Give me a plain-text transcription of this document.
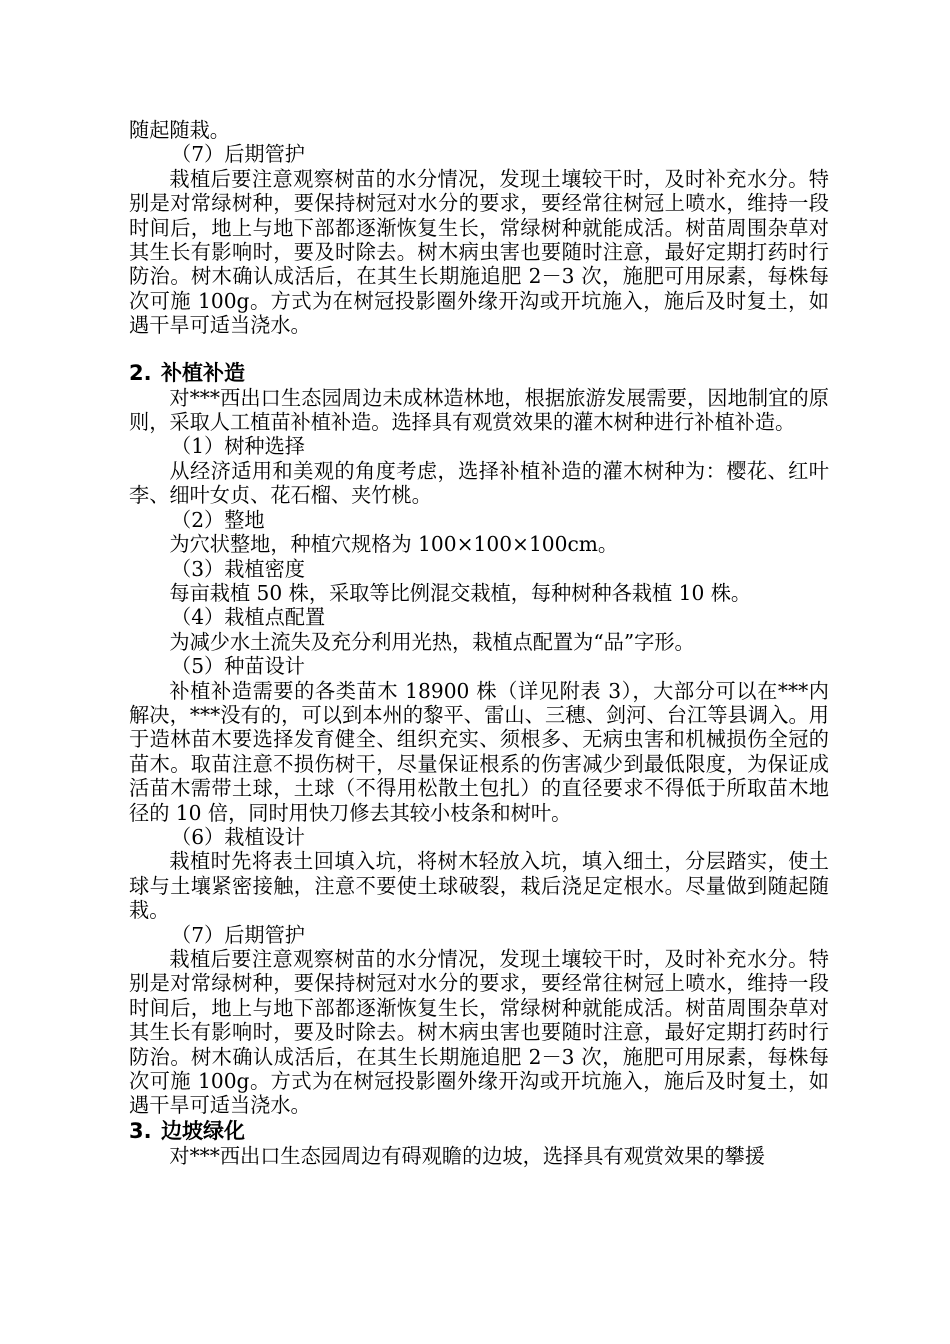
随起随栽。

（7）后期管护

栽植后要注意观察树苗的水分情况，发现土壤较干时，及时补充水分。特别是对常绿树种，要保持树冠对水分的要求，要经常往树冠上喷水，维持一段时间后，地上与地下部都逐渐恢复生长，常绿树种就能成活。树苗周围杂草对其生长有影响时，要及时除去。树木病虫害也要随时注意，最好定期打药时行防治。树木确认成活后，在其生长期施追肥 2－3 次，施肥可用尿素，每株每次可施 100g。方式为在树冠投影圈外缘开沟或开坑施入，施后及时复土，如遇干旱可适当浇水。

2. 补植补造

对***西出口生态园周边未成林造林地，根据旅游发展需要，因地制宜的原则，采取人工植苗补植补造。选择具有观赏效果的灌木树种进行补植补造。

（1）树种选择

从经济适用和美观的角度考虑，选择补植补造的灌木树种为：樱花、红叶李、细叶女贞、花石榴、夹竹桃。

（2）整地

为穴状整地，种植穴规格为 100×100×100cm。

（3）栽植密度

每亩栽植 50 株，采取等比例混交栽植，每种树种各栽植 10 株。

（4）栽植点配置

为减少水土流失及充分利用光热，栽植点配置为“品”字形。

（5）种苗设计

补植补造需要的各类苗木 18900 株（详见附表 3），大部分可以在***内解决，***没有的，可以到本州的黎平、雷山、三穗、剑河、台江等县调入。用于造林苗木要选择发育健全、组织充实、须根多、无病虫害和机械损伤全冠的苗木。取苗注意不损伤树干，尽量保证根系的伤害减少到最低限度，为保证成活苗木需带土球，土球（不得用松散土包扎）的直径要求不得低于所取苗木地径的 10 倍，同时用快刀修去其较小枝条和树叶。

（6）栽植设计

栽植时先将表土回填入坑，将树木轻放入坑，填入细土，分层踏实，使土球与土壤紧密接触，注意不要使土球破裂，栽后浇足定根水。尽量做到随起随栽。

（7）后期管护

栽植后要注意观察树苗的水分情况，发现土壤较干时，及时补充水分。特别是对常绿树种，要保持树冠对水分的要求，要经常往树冠上喷水，维持一段时间后，地上与地下部都逐渐恢复生长，常绿树种就能成活。树苗周围杂草对其生长有影响时，要及时除去。树木病虫害也要随时注意，最好定期打药时行防治。树木确认成活后，在其生长期施追肥 2－3 次，施肥可用尿素，每株每次可施 100g。方式为在树冠投影圈外缘开沟或开坑施入，施后及时复土，如遇干旱可适当浇水。

3. 边坡绿化

对***西出口生态园周边有碍观瞻的边坡，选择具有观赏效果的攀援
